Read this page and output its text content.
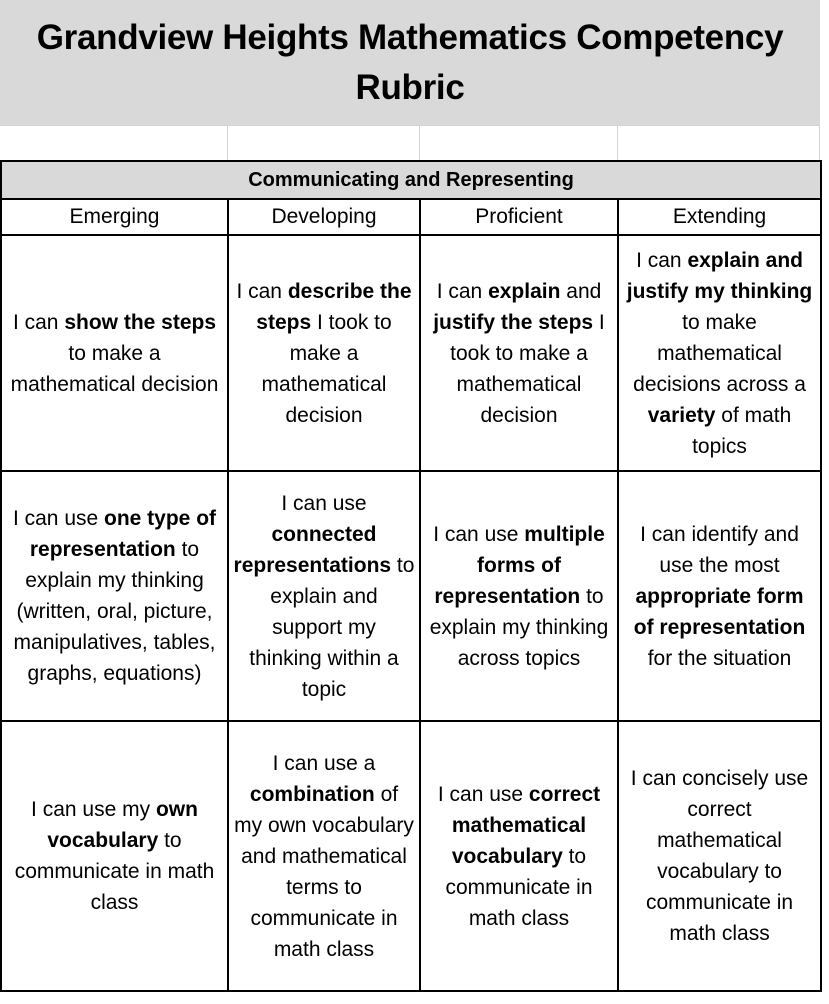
Grandview Heights Mathematics Competency Rubric
Communicating and Representing			
Emerging	Developing	Proficient	Extending
I can show the steps to make a mathematical decision	I can describe the steps I took to make a mathematical decision	I can explain and justify the steps I took to make a mathematical decision	I can explain and justify my thinking to make mathematical decisions across a variety of math topics
I can use one type of representation to explain my thinking (written, oral, picture, manipulatives, tables, graphs, equations)	I can use connected representations to explain and support my thinking within a topic	I can use multiple forms of representation to explain my thinking across topics	I can identify and use the most appropriate form of representation for the situation
I can use my own vocabulary to communicate in math class	I can use a combination of my own vocabulary and mathematical terms to communicate in math class	I can use correct mathematical vocabulary to communicate in math class	I can concisely use correct mathematical vocabulary to communicate in math class
